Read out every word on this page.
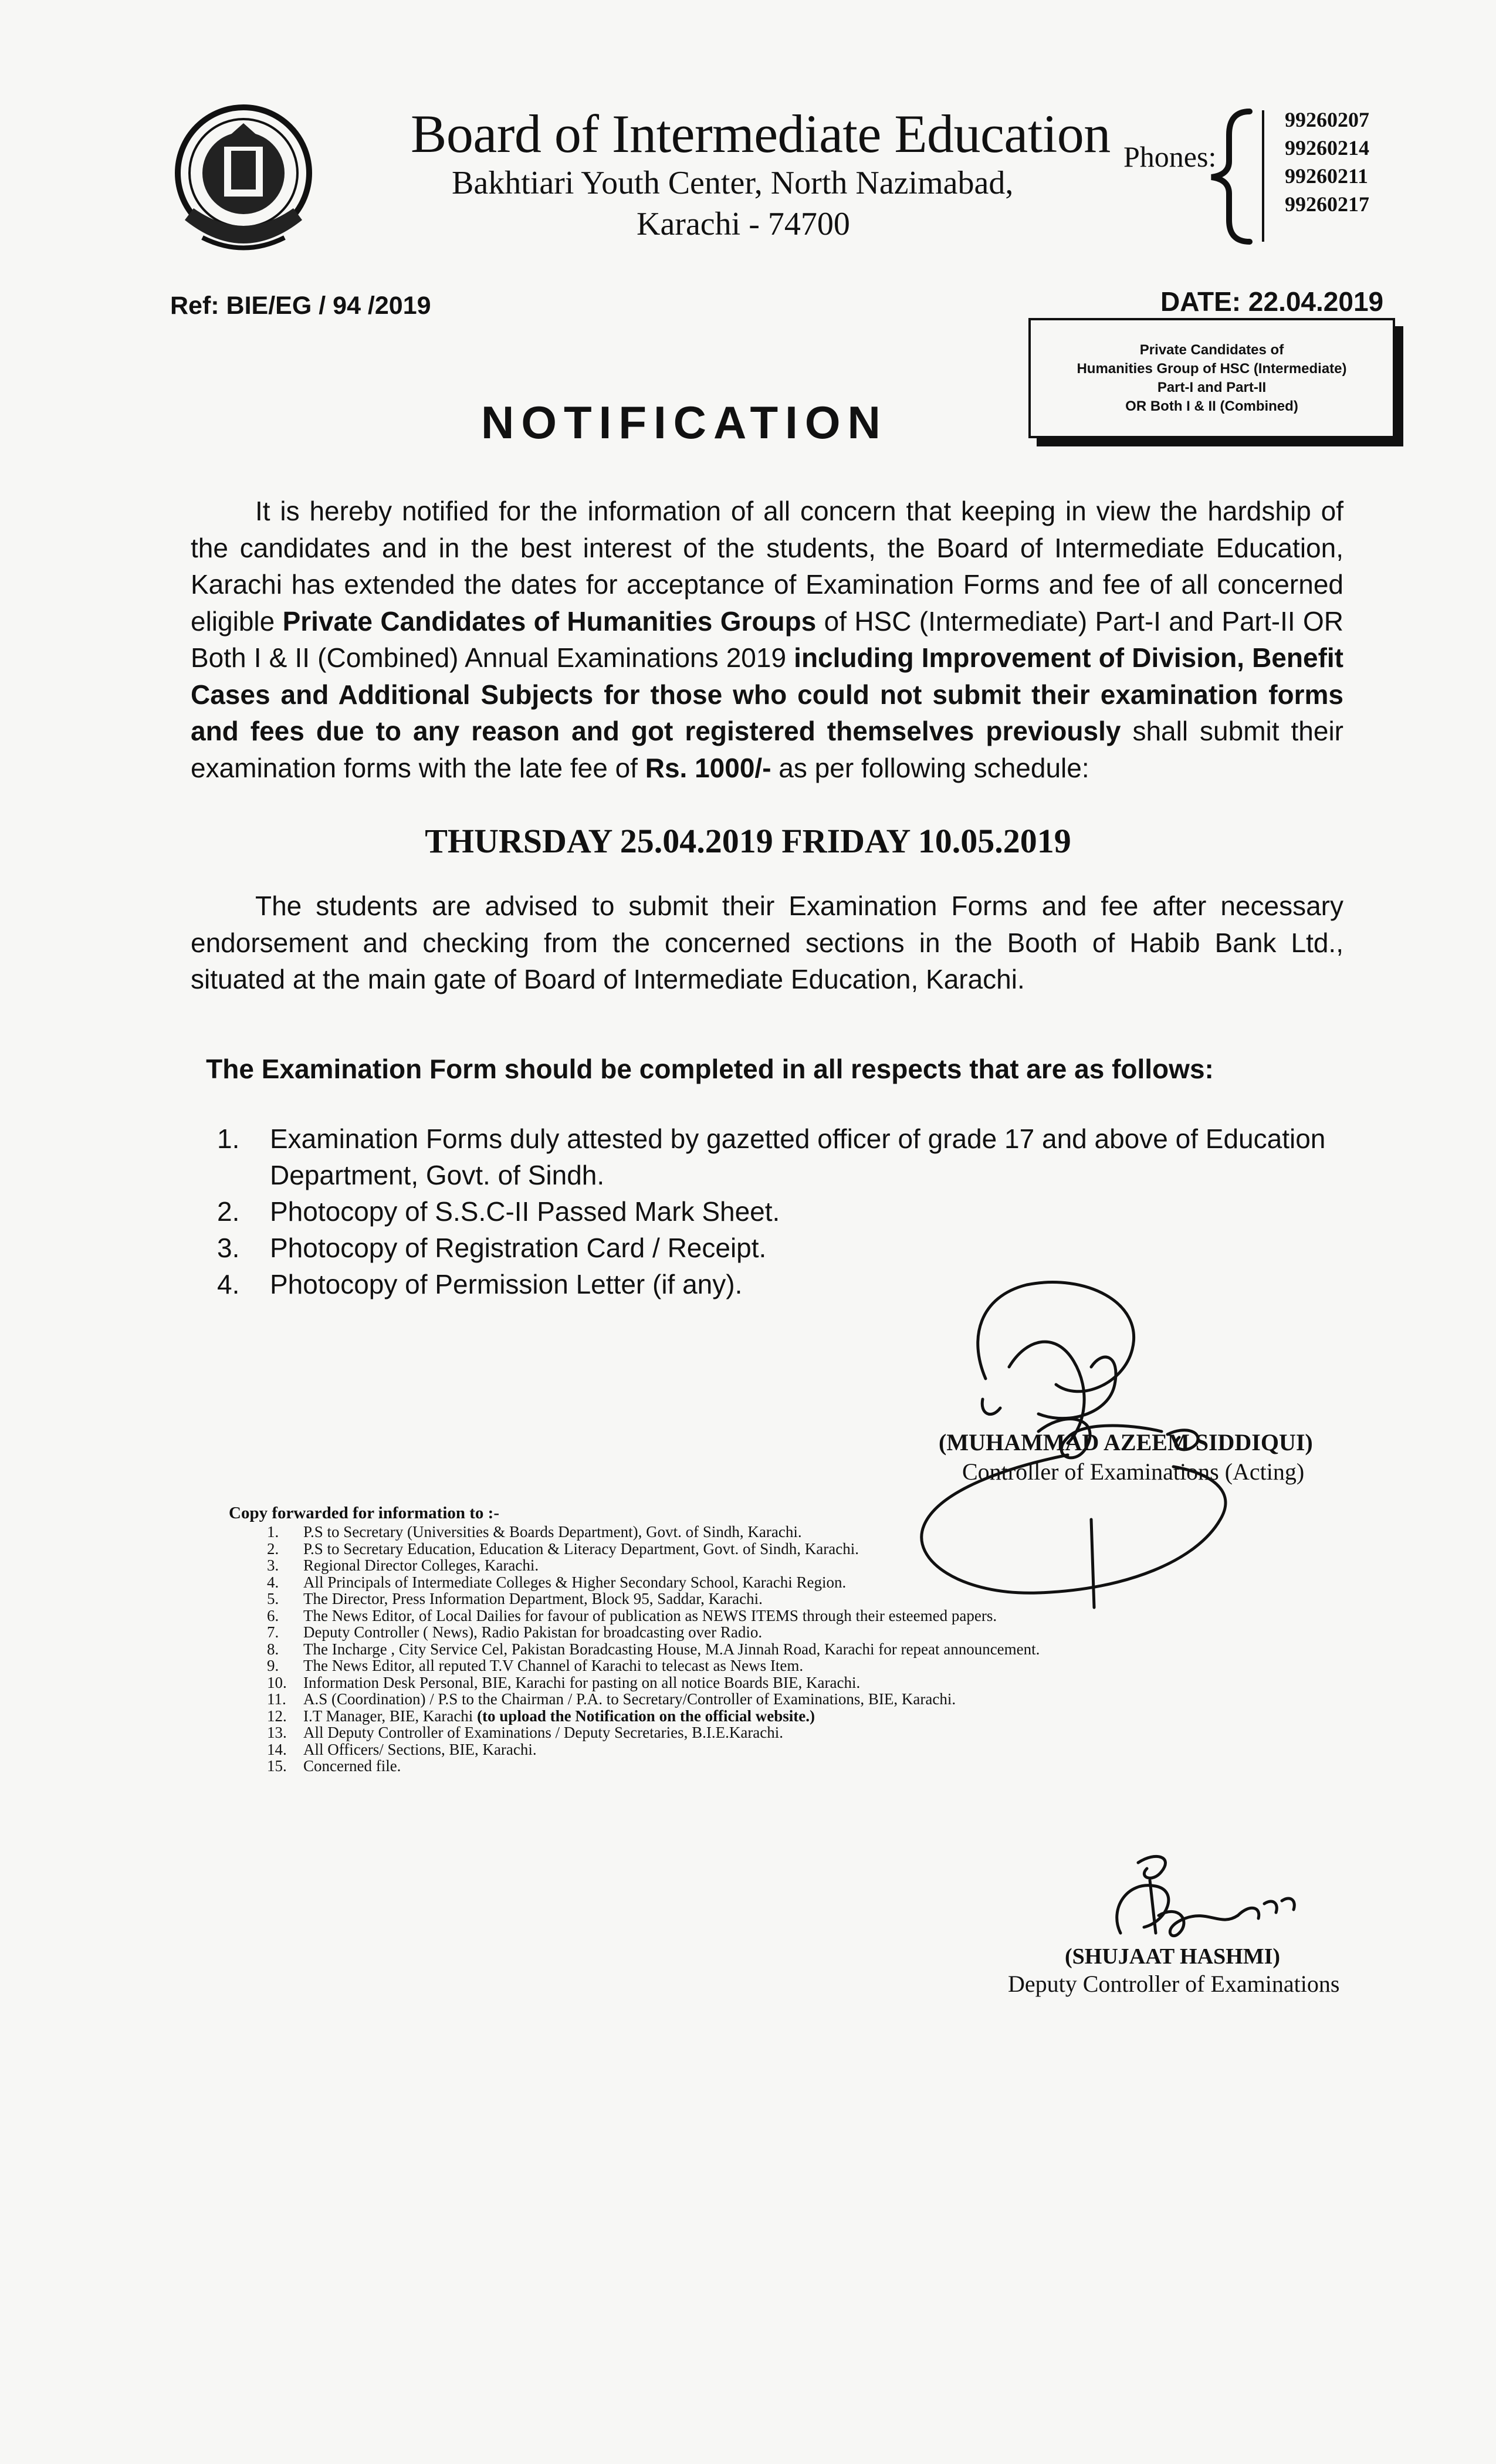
Board of Intermediate Education
Bakhtiari Youth Center, North Nazimabad,
Karachi - 74700
Phones:
99260207
99260214
99260211
99260217
Ref: BIE/EG / 94 /2019	DATE: 22.04.2019
Private Candidates of
Humanities Group of HSC (Intermediate)
Part-I and Part-II
OR Both I & II (Combined)
NOTIFICATION
It is hereby notified for the information of all concern that keeping in view the hardship of the candidates and in the best interest of the students, the Board of Intermediate Education, Karachi has extended the dates for acceptance of Examination Forms and fee of all concerned eligible Private Candidates of Humanities Groups of HSC (Intermediate) Part-I and Part-II OR Both I & II (Combined) Annual Examinations 2019 including Improvement of Division, Benefit Cases and Additional Subjects for those who could not submit their examination forms and fees due to any reason and got registered themselves previously shall submit their examination forms with the late fee of Rs. 1000/- as per following schedule:
THURSDAY 25.04.2019 FRIDAY 10.05.2019
The students are advised to submit their Examination Forms and fee after necessary endorsement and checking from the concerned sections in the Booth of Habib Bank Ltd., situated at the main gate of Board of Intermediate Education, Karachi.
The Examination Form should be completed in all respects that are as follows:
1.	Examination Forms duly attested by gazetted officer of grade 17 and above of Education Department, Govt. of Sindh.
2.	Photocopy of S.S.C-II Passed Mark Sheet.
3.	Photocopy of Registration Card / Receipt.
4.	Photocopy of Permission Letter (if any).
(MUHAMMAD AZEEM SIDDIQUI)
Controller of Examinations (Acting)
Copy forwarded for information to :-
1.	P.S to Secretary (Universities & Boards Department), Govt. of Sindh, Karachi.
2.	P.S to Secretary Education, Education & Literacy Department, Govt. of Sindh, Karachi.
3.	Regional Director Colleges, Karachi.
4.	All Principals of Intermediate Colleges & Higher Secondary School, Karachi Region.
5.	The Director, Press Information Department, Block 95, Saddar, Karachi.
6.	The News Editor, of Local Dailies for favour of publication as NEWS ITEMS through their esteemed papers.
7.	Deputy Controller ( News), Radio Pakistan for broadcasting over Radio.
8.	The Incharge , City Service Cel, Pakistan Boradcasting House, M.A Jinnah Road, Karachi for repeat announcement.
9.	The News Editor, all reputed T.V Channel of Karachi to telecast as News Item.
10.	Information Desk Personal, BIE, Karachi for pasting on all notice Boards BIE, Karachi.
11.	A.S (Coordination) / P.S to the Chairman / P.A. to Secretary/Controller of Examinations, BIE, Karachi.
12.	I.T Manager, BIE, Karachi (to upload the Notification on the official website.)
13.	All Deputy Controller of Examinations / Deputy Secretaries, B.I.E.Karachi.
14.	All Officers/ Sections, BIE, Karachi.
15.	Concerned file.
(SHUJAAT HASHMI)
Deputy Controller of Examinations
